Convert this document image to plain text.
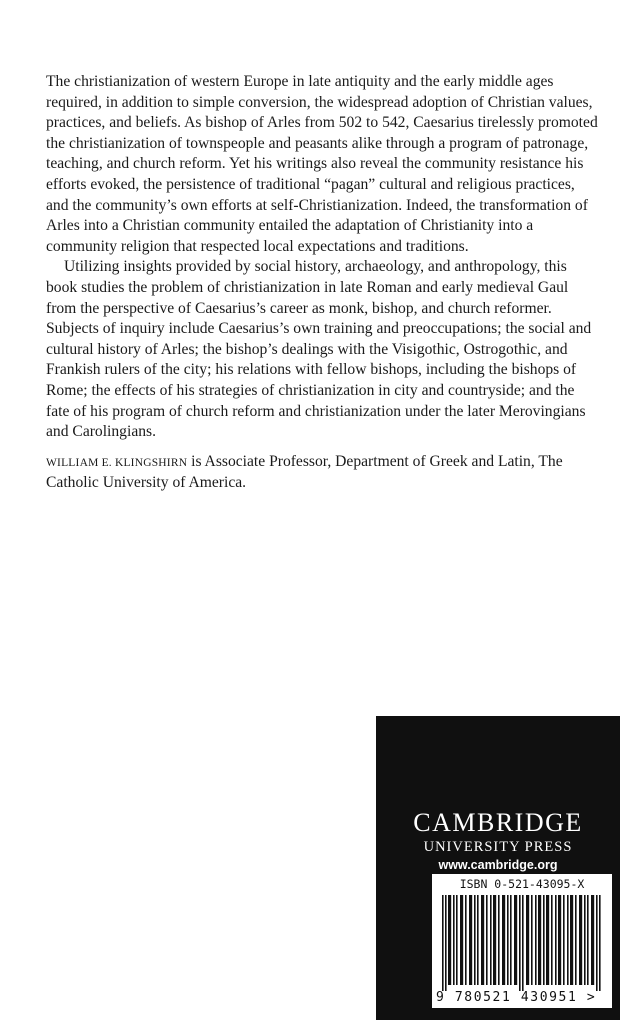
The christianization of western Europe in late antiquity and the early middle ages required, in addition to simple conversion, the widespread adoption of Christian values, practices, and beliefs. As bishop of Arles from 502 to 542, Caesarius tirelessly promoted the christianization of townspeople and peasants alike through a program of patronage, teaching, and church reform. Yet his writings also reveal the community resistance his efforts evoked, the persistence of traditional “pagan” cultural and religious practices, and the community’s own efforts at self-Christianization. Indeed, the transformation of Arles into a Christian community entailed the adaptation of Christianity into a community religion that respected local expectations and traditions.

Utilizing insights provided by social history, archaeology, and anthropology, this book studies the problem of christianization in late Roman and early medieval Gaul from the perspective of Caesarius’s career as monk, bishop, and church reformer. Subjects of inquiry include Caesarius’s own training and preoccupations; the social and cultural history of Arles; the bishop’s dealings with the Visigothic, Ostrogothic, and Frankish rulers of the city; his relations with fellow bishops, including the bishops of Rome; the effects of his strategies of christianization in city and countryside; and the fate of his program of church reform and christianization under the later Merovingians and Carolingians.

WILLIAM E. KLINGSHIRN is Associate Professor, Department of Greek and Latin, The Catholic University of America.

CAMBRIDGE
UNIVERSITY PRESS
www.cambridge.org
ISBN 0-521-43095-X
9 780521 430951 >
